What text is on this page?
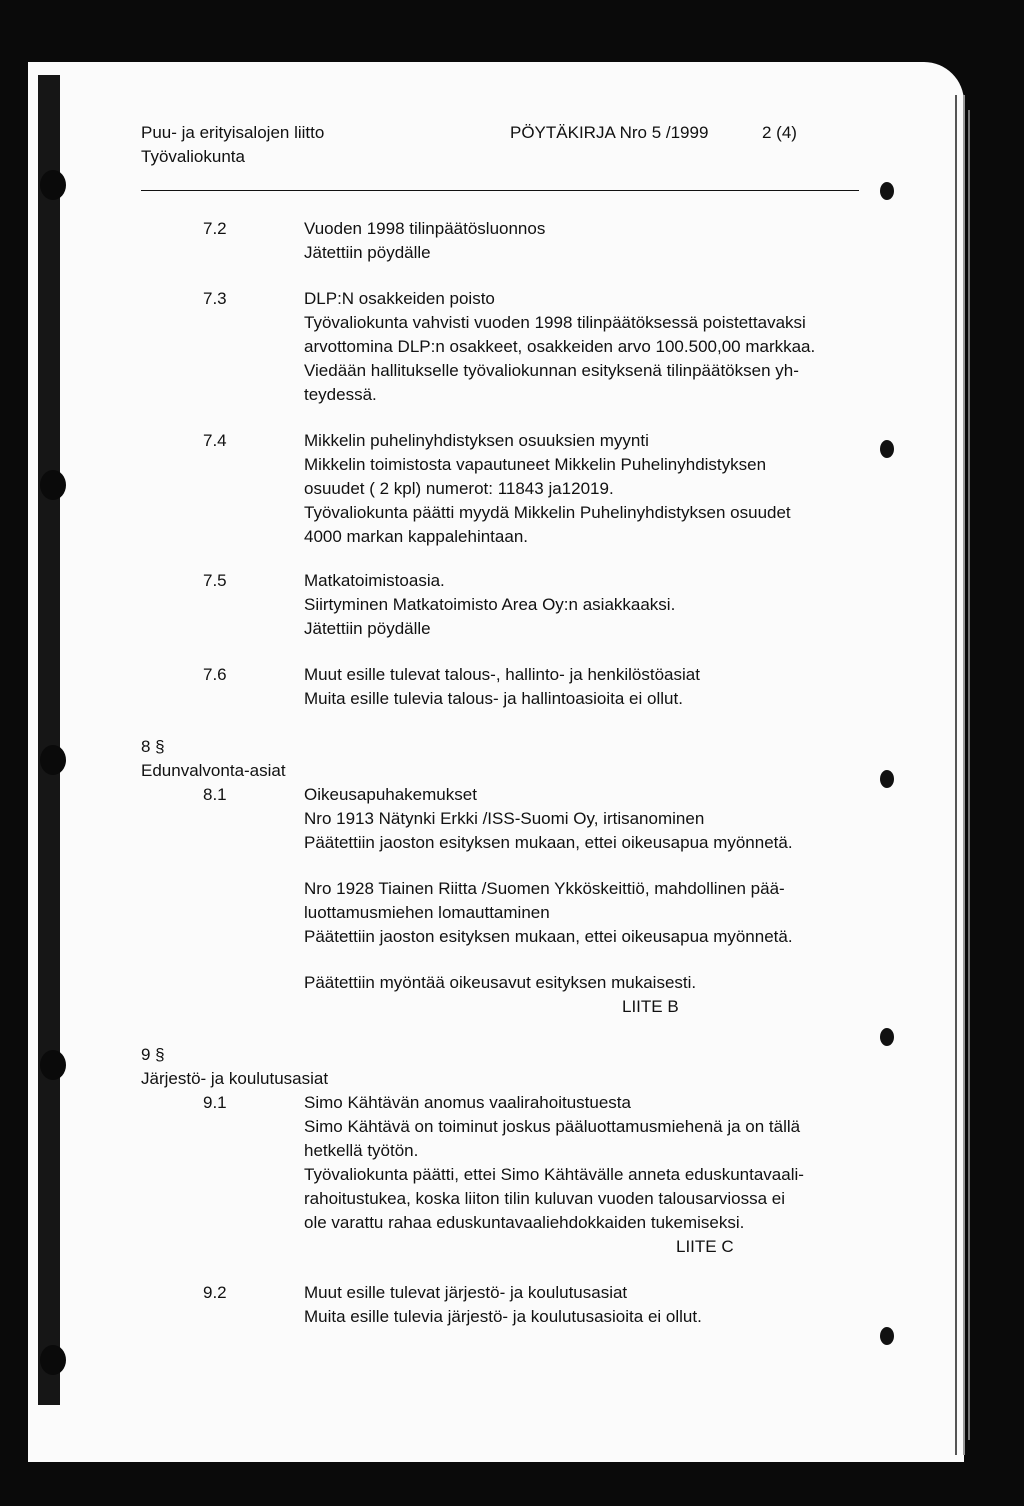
Puu- ja erityisalojen liitto	PÖYTÄKIRJA Nro 5 /1999	2 (4)
Työvaliokunta
7.2	Vuoden 1998 tilinpäätösluonnos
Jätettiin pöydälle
7.3	DLP:N osakkeiden poisto
Työvaliokunta vahvisti vuoden 1998 tilinpäätöksessä poistettavaksi
arvottomina DLP:n osakkeet, osakkeiden arvo 100.500,00 markkaa.
Viedään hallitukselle työvaliokunnan esityksenä tilinpäätöksen yh-
teydessä.
7.4	Mikkelin puhelinyhdistyksen osuuksien myynti
Mikkelin toimistosta vapautuneet Mikkelin Puhelinyhdistyksen
osuudet ( 2 kpl) numerot: 11843 ja12019.
Työvaliokunta päätti myydä Mikkelin Puhelinyhdistyksen osuudet
4000 markan kappalehintaan.
7.5	Matkatoimistoasia.
Siirtyminen Matkatoimisto Area Oy:n asiakkaaksi.
Jätettiin pöydälle
7.6	Muut esille tulevat talous-, hallinto- ja henkilöstöasiat
Muita esille tulevia talous- ja hallintoasioita ei ollut.
8 §
Edunvalvonta-asiat
8.1	Oikeusapuhakemukset
Nro 1913 Nätynki Erkki /ISS-Suomi Oy, irtisanominen
Päätettiin jaoston esityksen mukaan, ettei oikeusapua myönnetä.
Nro 1928 Tiainen Riitta /Suomen Ykköskeittiö, mahdollinen pää-
luottamusmiehen lomauttaminen
Päätettiin jaoston esityksen mukaan, ettei oikeusapua myönnetä.
Päätettiin myöntää oikeusavut esityksen mukaisesti.
LIITE B
9 §
Järjestö- ja koulutusasiat
9.1	Simo Kähtävän anomus vaalirahoitustuesta
Simo Kähtävä on toiminut joskus pääluottamusmiehenä ja on tällä
hetkellä työtön.
Työvaliokunta päätti, ettei Simo Kähtävälle anneta eduskuntavaali-
rahoitustukea, koska liiton tilin kuluvan vuoden talousarviossa ei
ole varattu rahaa eduskuntavaaliehdokkaiden tukemiseksi.
LIITE C
9.2	Muut esille tulevat järjestö- ja koulutusasiat
Muita esille tulevia järjestö- ja koulutusasioita ei ollut.
